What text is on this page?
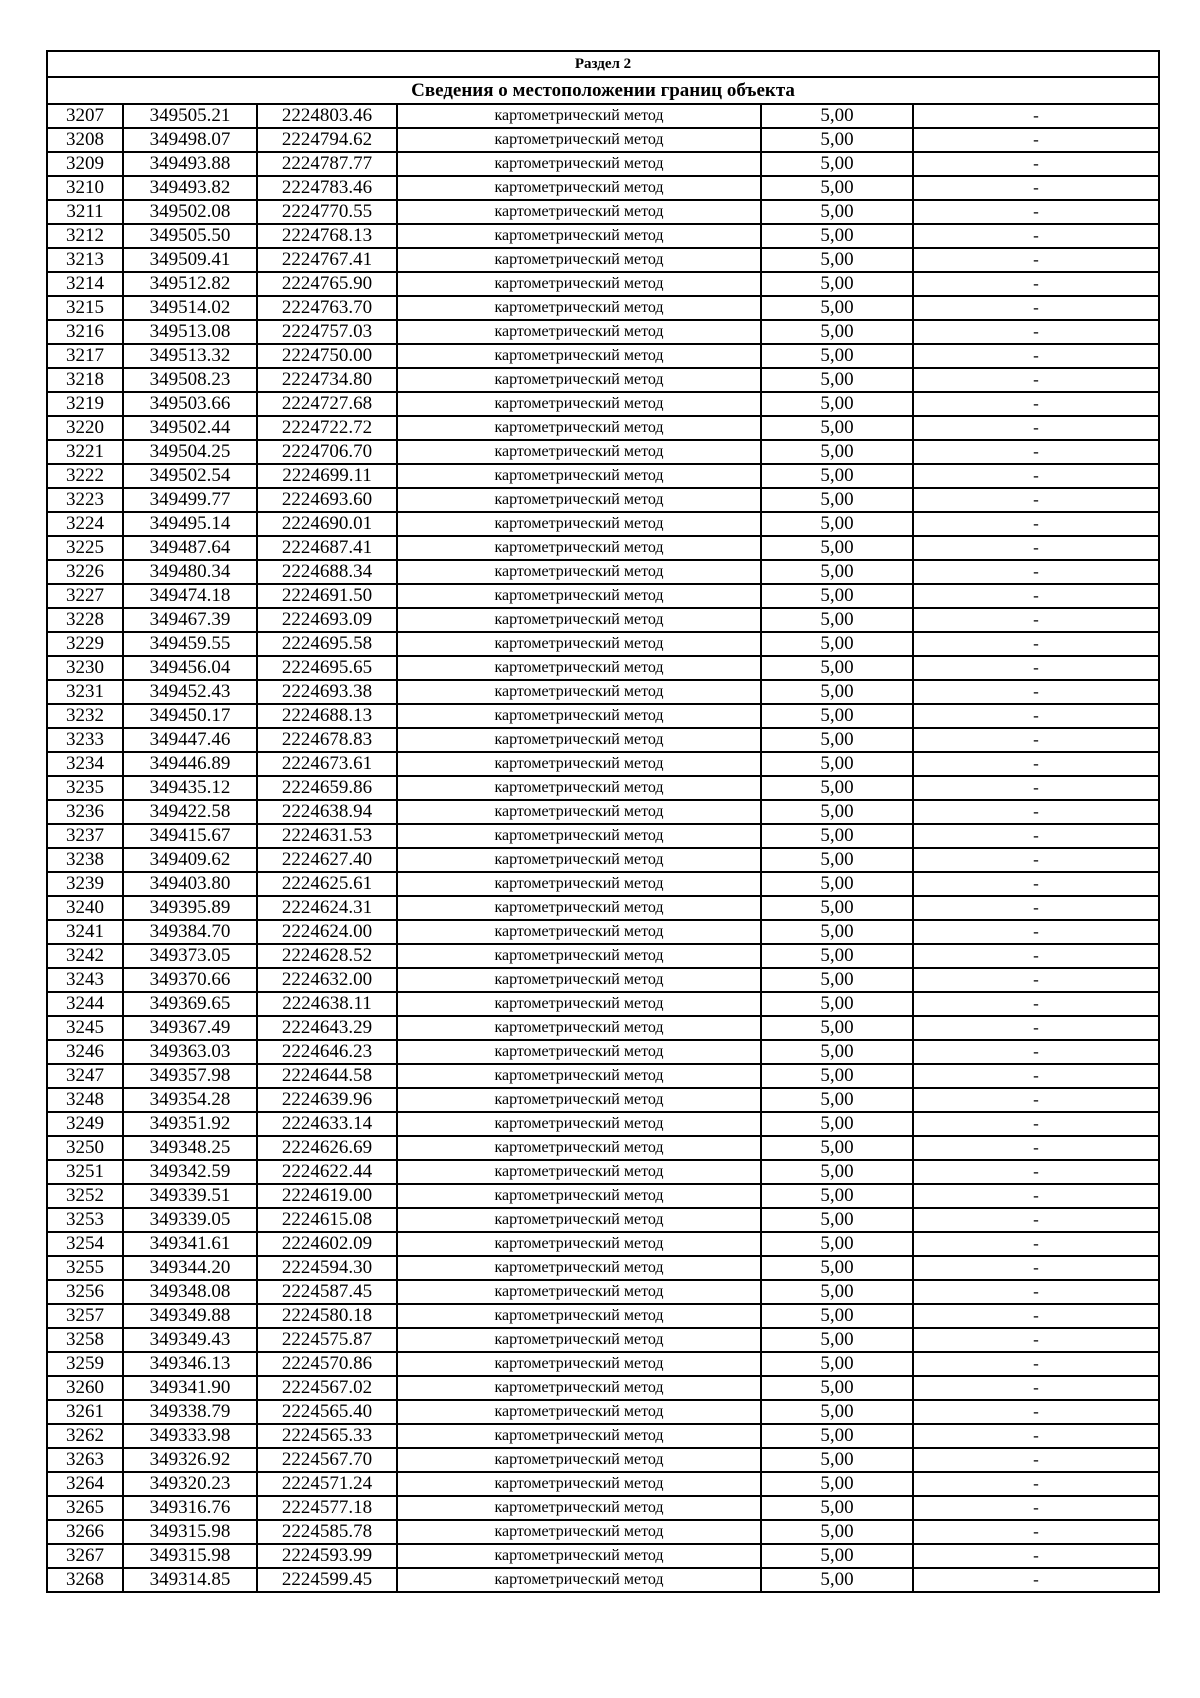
Раздел 2					
Сведения о местоположении границ объекта					
3207	349505.21	2224803.46	картометрический метод	5,00	-
3208	349498.07	2224794.62	картометрический метод	5,00	-
3209	349493.88	2224787.77	картометрический метод	5,00	-
3210	349493.82	2224783.46	картометрический метод	5,00	-
3211	349502.08	2224770.55	картометрический метод	5,00	-
3212	349505.50	2224768.13	картометрический метод	5,00	-
3213	349509.41	2224767.41	картометрический метод	5,00	-
3214	349512.82	2224765.90	картометрический метод	5,00	-
3215	349514.02	2224763.70	картометрический метод	5,00	-
3216	349513.08	2224757.03	картометрический метод	5,00	-
3217	349513.32	2224750.00	картометрический метод	5,00	-
3218	349508.23	2224734.80	картометрический метод	5,00	-
3219	349503.66	2224727.68	картометрический метод	5,00	-
3220	349502.44	2224722.72	картометрический метод	5,00	-
3221	349504.25	2224706.70	картометрический метод	5,00	-
3222	349502.54	2224699.11	картометрический метод	5,00	-
3223	349499.77	2224693.60	картометрический метод	5,00	-
3224	349495.14	2224690.01	картометрический метод	5,00	-
3225	349487.64	2224687.41	картометрический метод	5,00	-
3226	349480.34	2224688.34	картометрический метод	5,00	-
3227	349474.18	2224691.50	картометрический метод	5,00	-
3228	349467.39	2224693.09	картометрический метод	5,00	-
3229	349459.55	2224695.58	картометрический метод	5,00	-
3230	349456.04	2224695.65	картометрический метод	5,00	-
3231	349452.43	2224693.38	картометрический метод	5,00	-
3232	349450.17	2224688.13	картометрический метод	5,00	-
3233	349447.46	2224678.83	картометрический метод	5,00	-
3234	349446.89	2224673.61	картометрический метод	5,00	-
3235	349435.12	2224659.86	картометрический метод	5,00	-
3236	349422.58	2224638.94	картометрический метод	5,00	-
3237	349415.67	2224631.53	картометрический метод	5,00	-
3238	349409.62	2224627.40	картометрический метод	5,00	-
3239	349403.80	2224625.61	картометрический метод	5,00	-
3240	349395.89	2224624.31	картометрический метод	5,00	-
3241	349384.70	2224624.00	картометрический метод	5,00	-
3242	349373.05	2224628.52	картометрический метод	5,00	-
3243	349370.66	2224632.00	картометрический метод	5,00	-
3244	349369.65	2224638.11	картометрический метод	5,00	-
3245	349367.49	2224643.29	картометрический метод	5,00	-
3246	349363.03	2224646.23	картометрический метод	5,00	-
3247	349357.98	2224644.58	картометрический метод	5,00	-
3248	349354.28	2224639.96	картометрический метод	5,00	-
3249	349351.92	2224633.14	картометрический метод	5,00	-
3250	349348.25	2224626.69	картометрический метод	5,00	-
3251	349342.59	2224622.44	картометрический метод	5,00	-
3252	349339.51	2224619.00	картометрический метод	5,00	-
3253	349339.05	2224615.08	картометрический метод	5,00	-
3254	349341.61	2224602.09	картометрический метод	5,00	-
3255	349344.20	2224594.30	картометрический метод	5,00	-
3256	349348.08	2224587.45	картометрический метод	5,00	-
3257	349349.88	2224580.18	картометрический метод	5,00	-
3258	349349.43	2224575.87	картометрический метод	5,00	-
3259	349346.13	2224570.86	картометрический метод	5,00	-
3260	349341.90	2224567.02	картометрический метод	5,00	-
3261	349338.79	2224565.40	картометрический метод	5,00	-
3262	349333.98	2224565.33	картометрический метод	5,00	-
3263	349326.92	2224567.70	картометрический метод	5,00	-
3264	349320.23	2224571.24	картометрический метод	5,00	-
3265	349316.76	2224577.18	картометрический метод	5,00	-
3266	349315.98	2224585.78	картометрический метод	5,00	-
3267	349315.98	2224593.99	картометрический метод	5,00	-
3268	349314.85	2224599.45	картометрический метод	5,00	-
